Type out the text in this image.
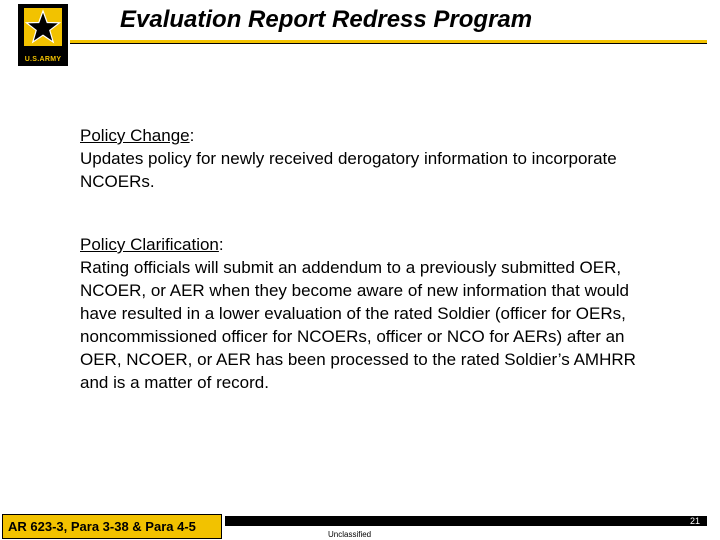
U.S.ARMY
Evaluation Report Redress Program
Policy Change:
Updates policy for newly received derogatory information to incorporate NCOERs.
Policy Clarification:
Rating officials will submit an addendum to a previously submitted OER, NCOER, or AER when they become aware of new information that would have resulted in a lower evaluation of the rated Soldier (officer for OERs, noncommissioned officer for NCOERs, officer or NCO for AERs) after an OER, NCOER, or AER has been processed to the rated Soldier’s AMHRR and is a matter of record.
AR 623-3, Para 3-38 & Para 4-5	21
Unclassified
